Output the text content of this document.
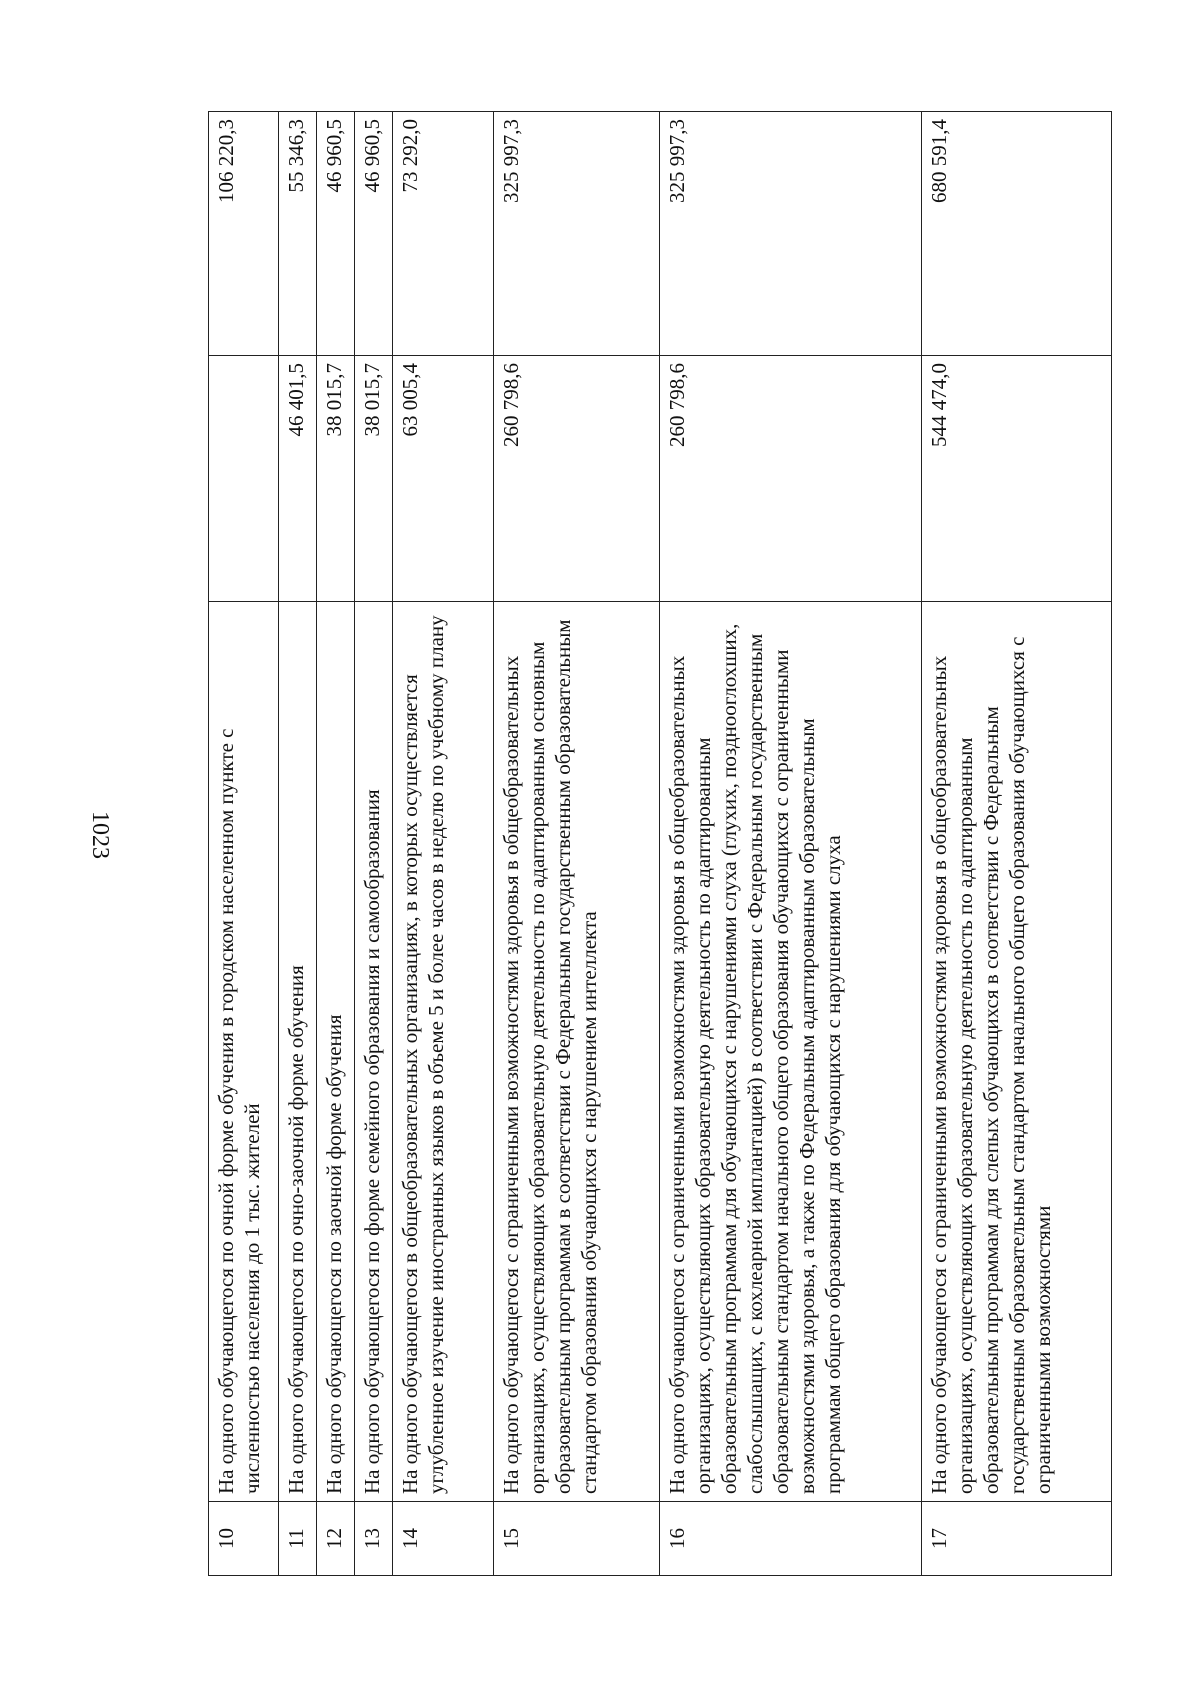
1023
10	На одного обучающегося по очной форме обучения в городском населенном пункте с численностью населения до 1 тыс. жителей		106 220,3
11	На одного обучающегося по очно-заочной форме обучения	46 401,5	55 346,3
12	На одного обучающегося по заочной форме обучения	38 015,7	46 960,5
13	На одного обучающегося по форме семейного образования и самообразования	38 015,7	46 960,5
14	На одного обучающегося в общеобразовательных организациях, в которых осуществляется углубленное изучение иностранных языков в объеме 5 и более часов в неделю по учебному плану	63 005,4	73 292,0
15	На одного обучающегося с ограниченными возможностями здоровья в общеобразовательных организациях, осуществляющих образовательную деятельность по адаптированным основным образовательным программам в соответствии с Федеральным государственным образовательным стандартом образования обучающихся с нарушением интеллекта	260 798,6	325 997,3
16	На одного обучающегося с ограниченными возможностями здоровья в общеобразовательных организациях, осуществляющих образовательную деятельность по адаптированным образовательным программам для обучающихся с нарушениями слуха (глухих, позднооглохших, слабослышащих, с кохлеарной имплантацией) в соответствии с Федеральным государственным образовательным стандартом начального общего образования обучающихся с ограниченными возможностями здоровья, а также по Федеральным адаптированным образовательным программам общего образования для обучающихся с нарушениями слуха	260 798,6	325 997,3
17	На одного обучающегося с ограниченными возможностями здоровья в общеобразовательных организациях, осуществляющих образовательную деятельность по адаптированным образовательным программам для слепых обучающихся в соответствии с Федеральным государственным образовательным стандартом начального общего образования обучающихся с ограниченными возможностями	544 474,0	680 591,4
